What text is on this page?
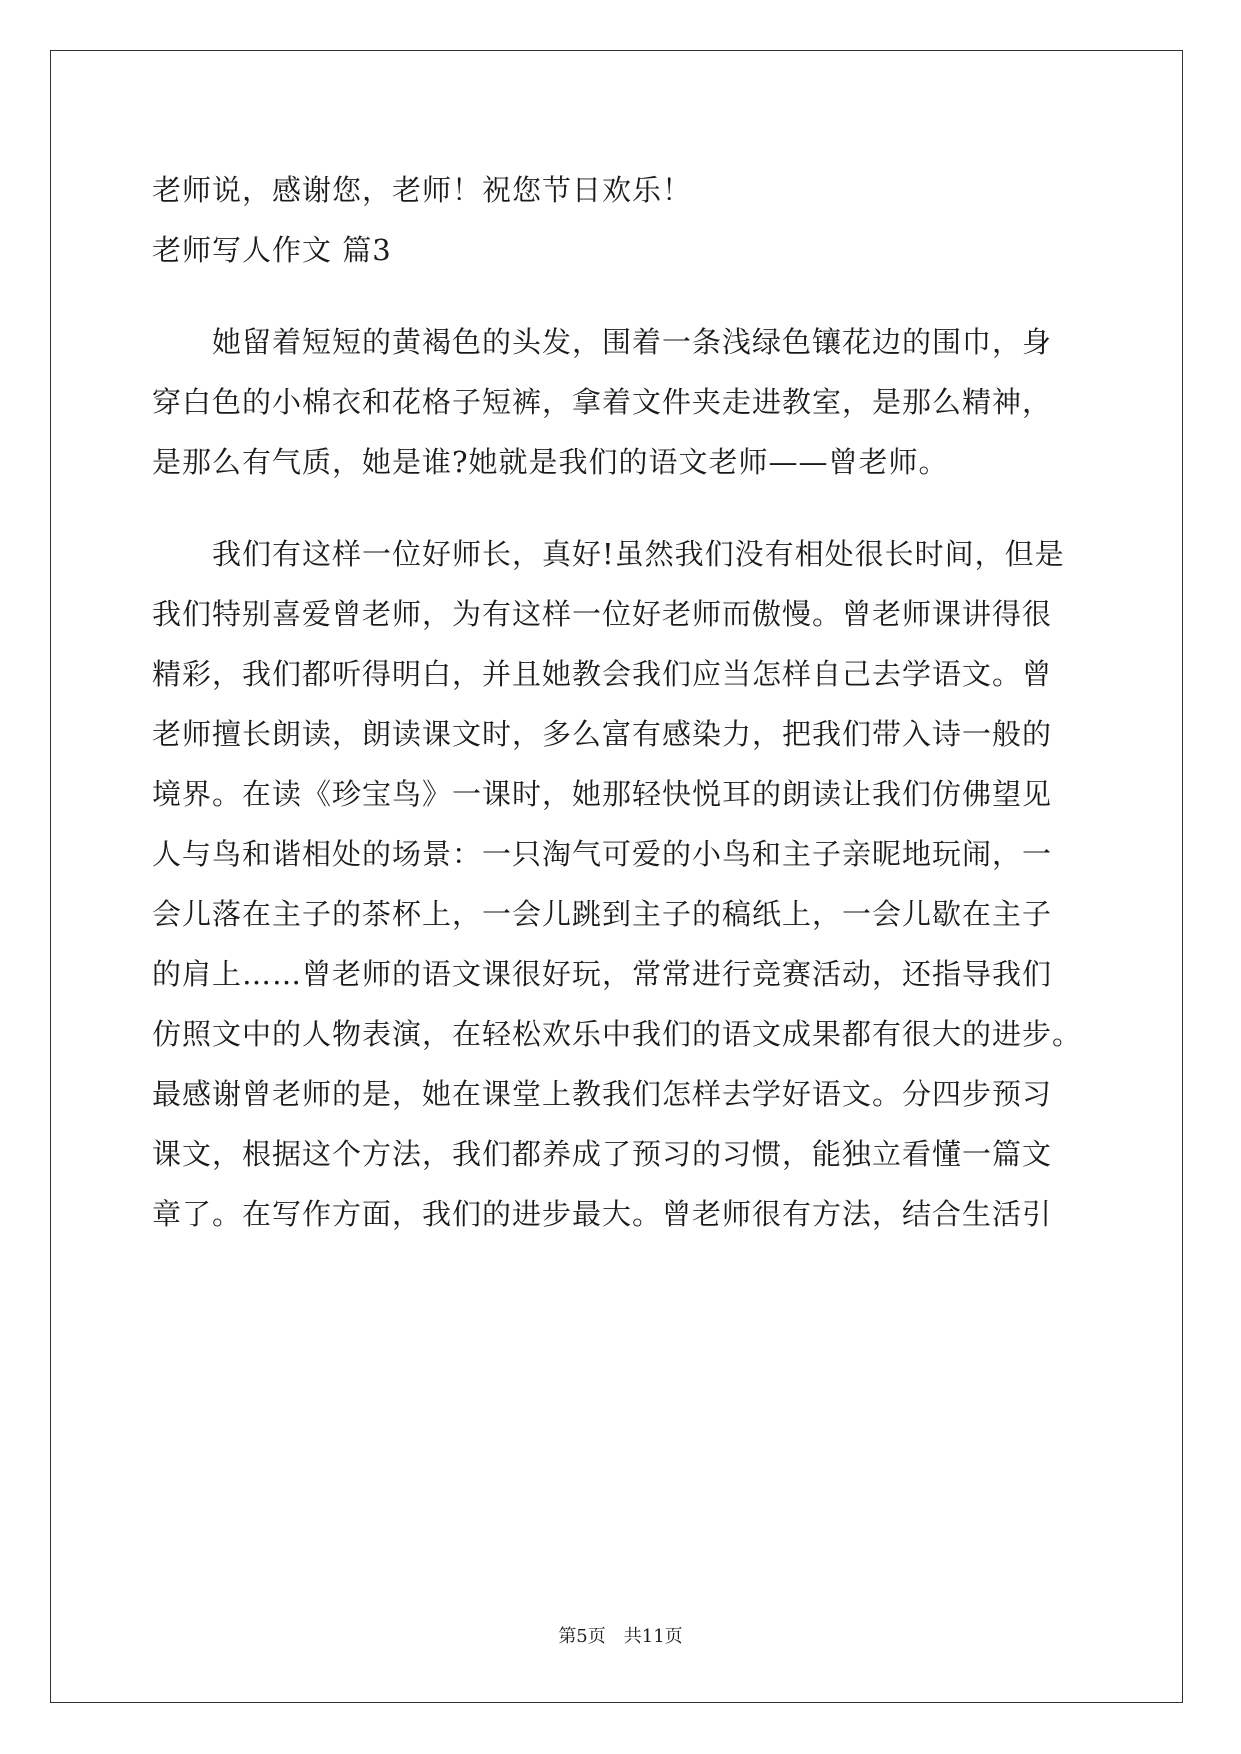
老师说，感谢您，老师！祝您节日欢乐！
老师写人作文 篇3
　　她留着短短的黄褐色的头发，围着一条浅绿色镶花边的围巾，身
穿白色的小棉衣和花格子短裤，拿着文件夹走进教室，是那么精神，
是那么有气质，她是谁?她就是我们的语文老师——曾老师。
　　我们有这样一位好师长，真好!虽然我们没有相处很长时间，但是
我们特别喜爱曾老师，为有这样一位好老师而傲慢。曾老师课讲得很
精彩，我们都听得明白，并且她教会我们应当怎样自己去学语文。曾
老师擅长朗读，朗读课文时，多么富有感染力，把我们带入诗一般的
境界。在读《珍宝鸟》一课时，她那轻快悦耳的朗读让我们仿佛望见
人与鸟和谐相处的场景：一只淘气可爱的小鸟和主子亲昵地玩闹，一
会儿落在主子的茶杯上，一会儿跳到主子的稿纸上，一会儿歇在主子
的肩上……曾老师的语文课很好玩，常常进行竞赛活动，还指导我们
仿照文中的人物表演，在轻松欢乐中我们的语文成果都有很大的进步。
最感谢曾老师的是，她在课堂上教我们怎样去学好语文。分四步预习
课文，根据这个方法，我们都养成了预习的习惯，能独立看懂一篇文
章了。在写作方面，我们的进步最大。曾老师很有方法，结合生活引
第5页　共11页
